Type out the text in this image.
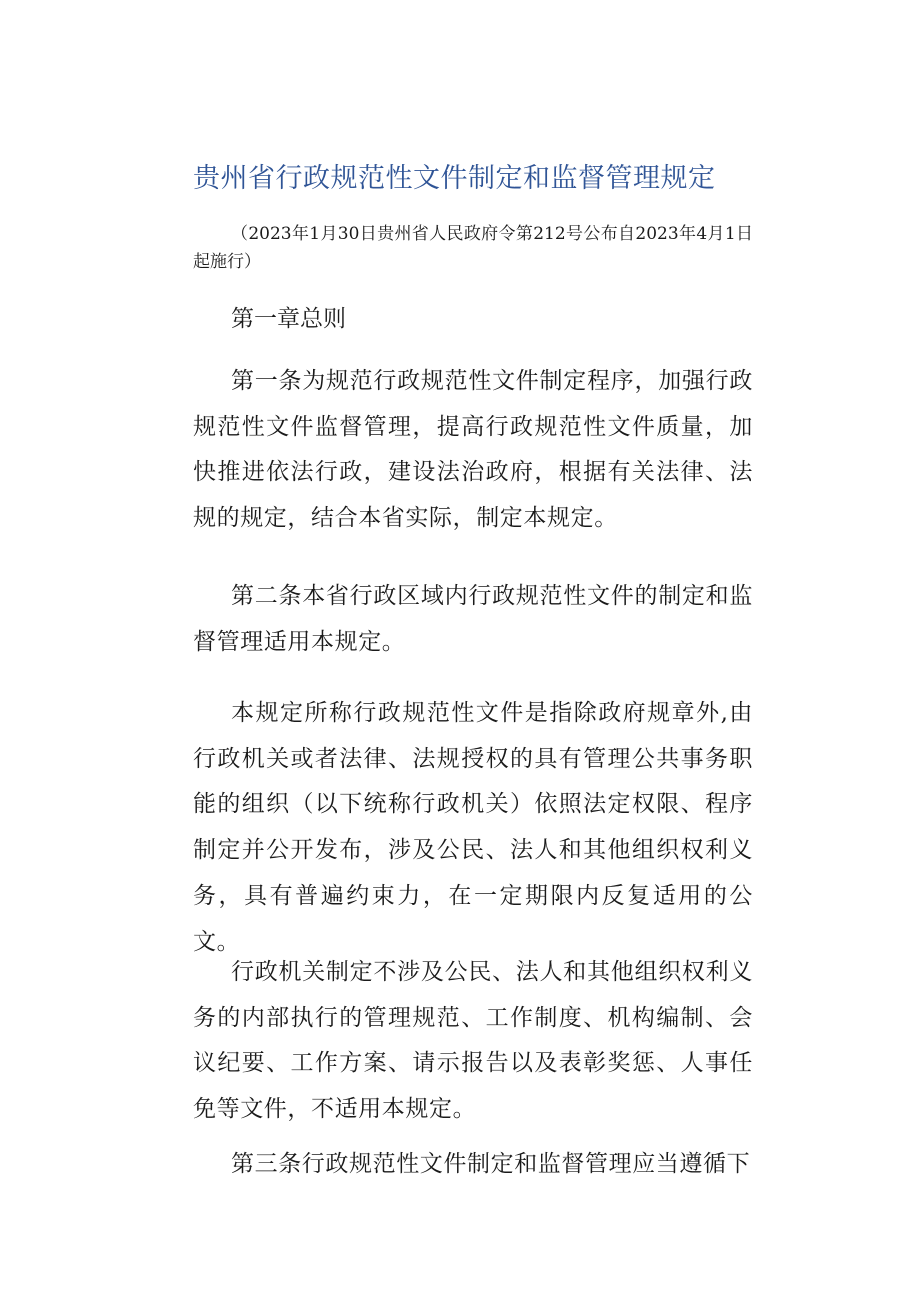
贵州省行政规范性文件制定和监督管理规定
（2023年1月30日贵州省人民政府令第212号公布自2023年4月1日起施行）
第一章总则
第一条为规范行政规范性文件制定程序，加强行政规范性文件监督管理，提高行政规范性文件质量，加快推进依法行政，建设法治政府，根据有关法律、法规的规定，结合本省实际，制定本规定。
第二条本省行政区域内行政规范性文件的制定和监督管理适用本规定。
本规定所称行政规范性文件是指除政府规章外,由行政机关或者法律、法规授权的具有管理公共事务职能的组织（以下统称行政机关）依照法定权限、程序制定并公开发布，涉及公民、法人和其他组织权利义务，具有普遍约束力，在一定期限内反复适用的公文。
行政机关制定不涉及公民、法人和其他组织权利义务的内部执行的管理规范、工作制度、机构编制、会议纪要、工作方案、请示报告以及表彰奖惩、人事任免等文件，不适用本规定。
第三条行政规范性文件制定和监督管理应当遵循下
